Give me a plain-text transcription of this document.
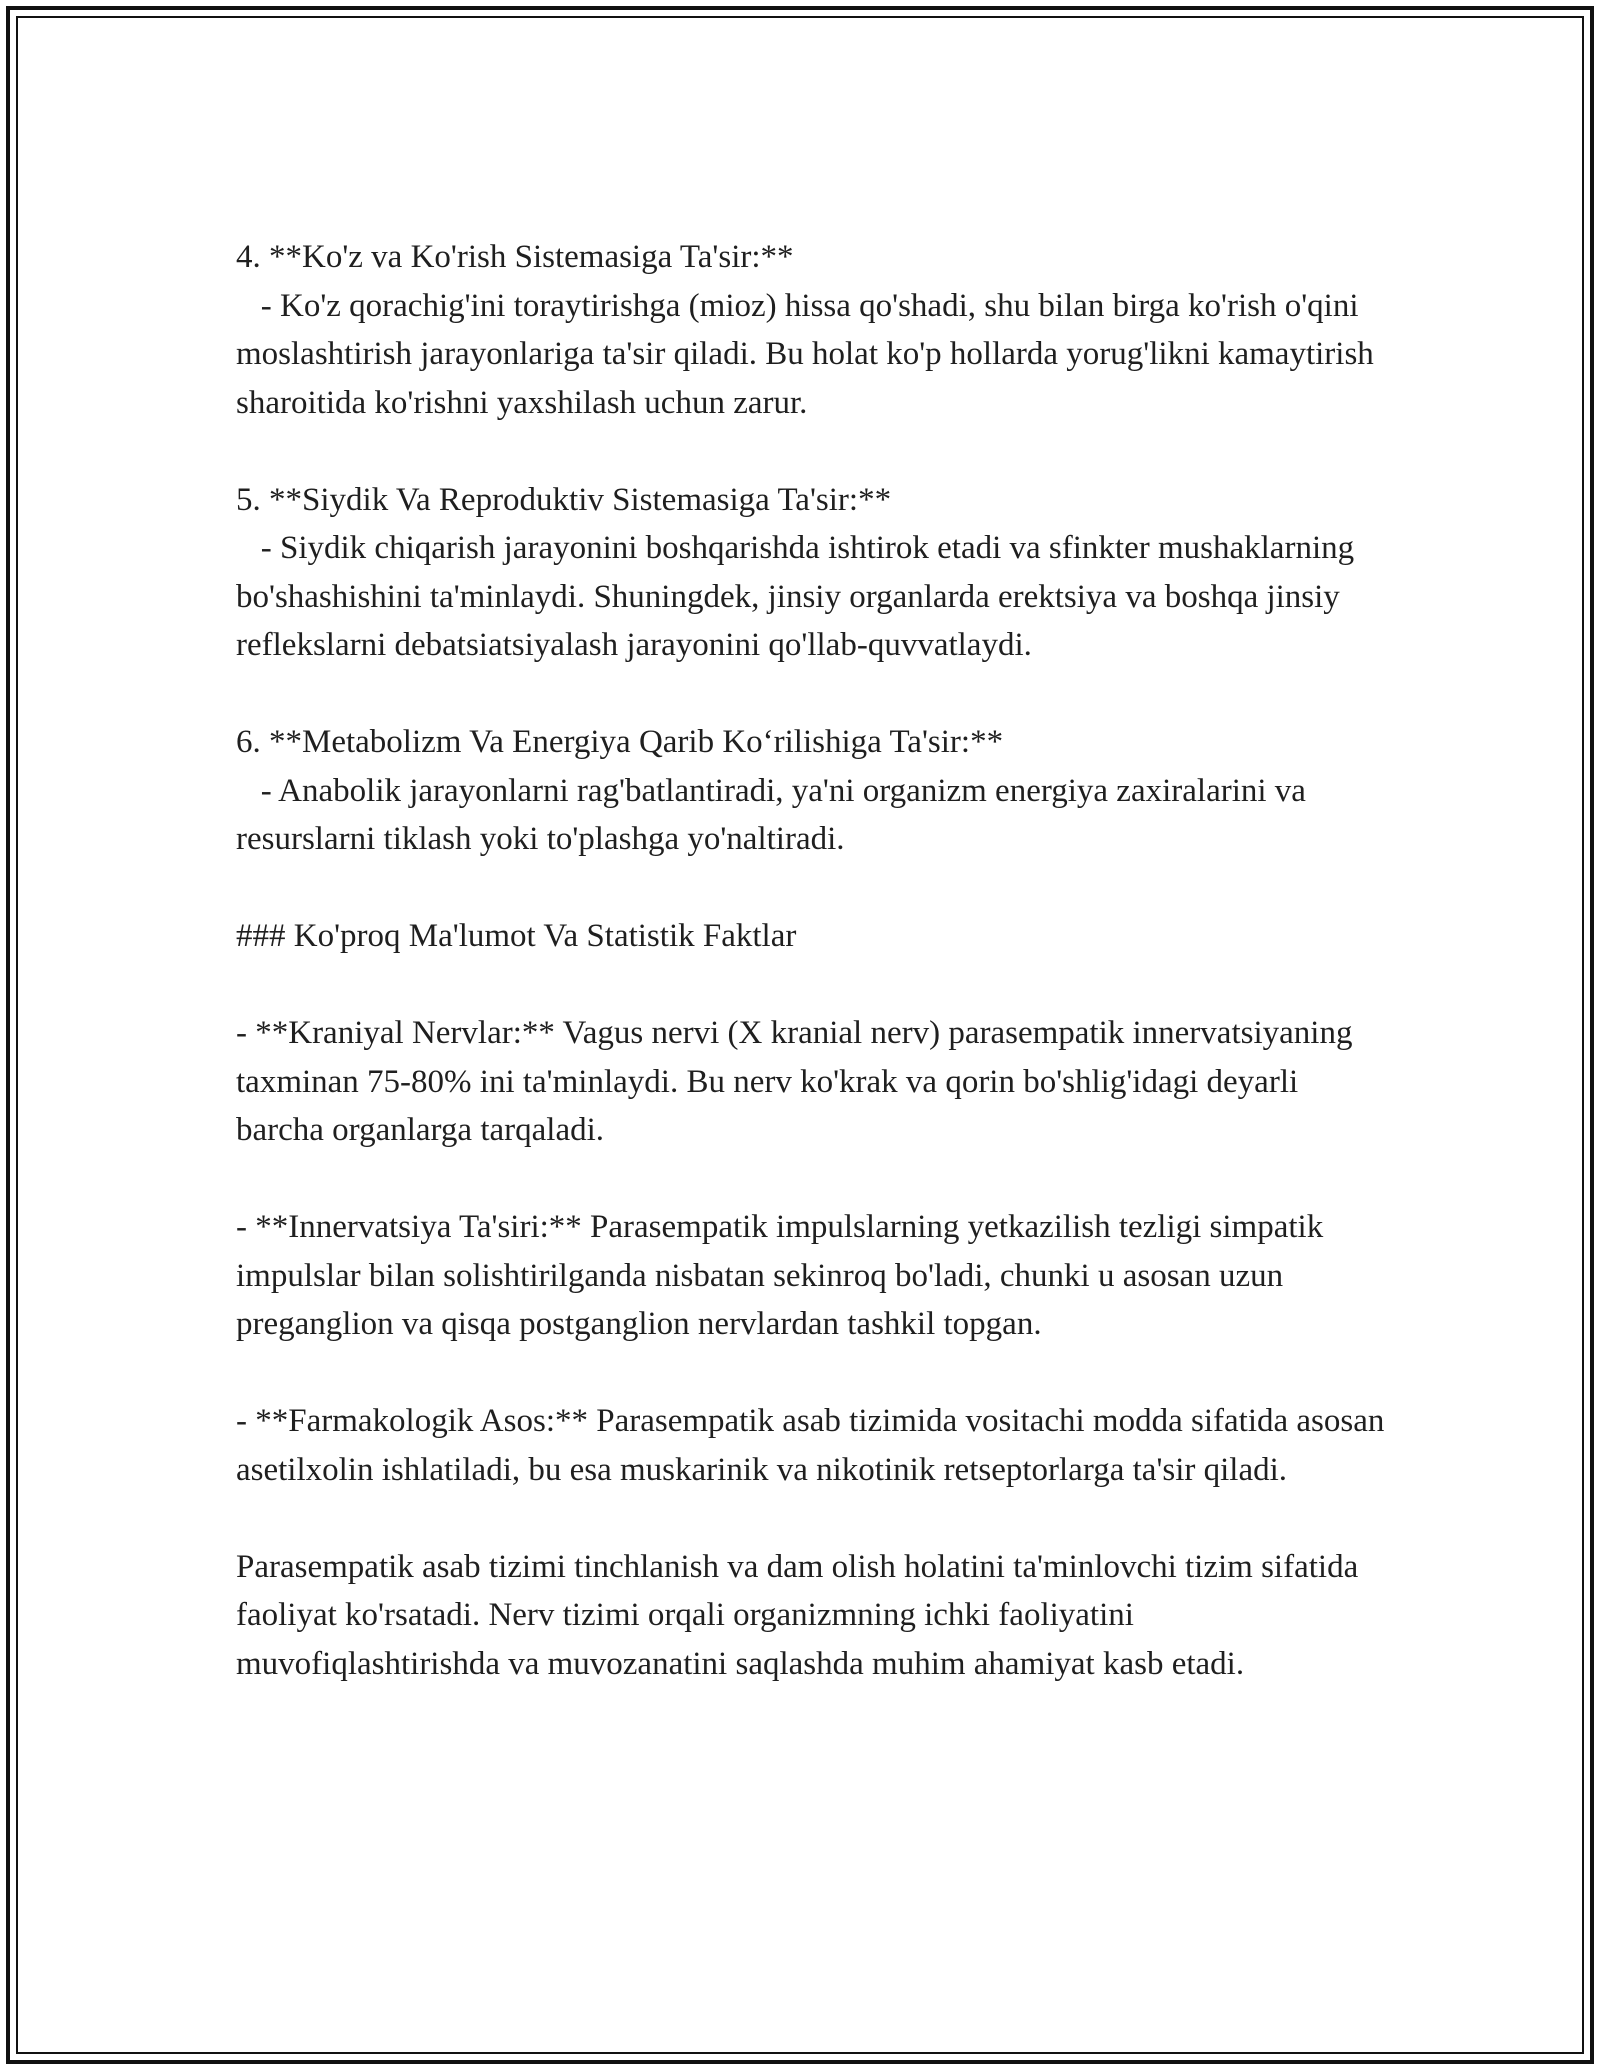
4. **Ko'z va Ko'rish Sistemasiga Ta'sir:**
- Ko'z qorachig'ini toraytirishga (mioz) hissa qo'shadi, shu bilan birga ko'rish o'qini moslashtirish jarayonlariga ta'sir qiladi. Bu holat ko'p hollarda yorug'likni kamaytirish sharoitida ko'rishni yaxshilash uchun zarur.
5. **Siydik Va Reproduktiv Sistemasiga Ta'sir:**
- Siydik chiqarish jarayonini boshqarishda ishtirok etadi va sfinkter mushaklarning bo'shashishini ta'minlaydi. Shuningdek, jinsiy organlarda erektsiya va boshqa jinsiy reflekslarni debatsiatsiyalash jarayonini qo'llab-quvvatlaydi.
6. **Metabolizm Va Energiya Qarib Ko‘rilishiga Ta'sir:**
- Anabolik jarayonlarni rag'batlantiradi, ya'ni organizm energiya zaxiralarini va resurslarni tiklash yoki to'plashga yo'naltiradi.
### Ko'proq Ma'lumot Va Statistik Faktlar
- **Kraniyal Nervlar:** Vagus nervi (X kranial nerv) parasempatik innervatsiyaning taxminan 75-80% ini ta'minlaydi. Bu nerv ko'krak va qorin bo'shlig'idagi deyarli barcha organlarga tarqaladi.
- **Innervatsiya Ta'siri:** Parasempatik impulslarning yetkazilish tezligi simpatik impulslar bilan solishtirilganda nisbatan sekinroq bo'ladi, chunki u asosan uzun preganglion va qisqa postganglion nervlardan tashkil topgan.
- **Farmakologik Asos:** Parasempatik asab tizimida vositachi modda sifatida asosan asetilxolin ishlatiladi, bu esa muskarinik va nikotinik retseptorlarga ta'sir qiladi.
Parasempatik asab tizimi tinchlanish va dam olish holatini ta'minlovchi tizim sifatida faoliyat ko'rsatadi. Nerv tizimi orqali organizmning ichki faoliyatini muvofiqlashtirishda va muvozanatini saqlashda muhim ahamiyat kasb etadi.
